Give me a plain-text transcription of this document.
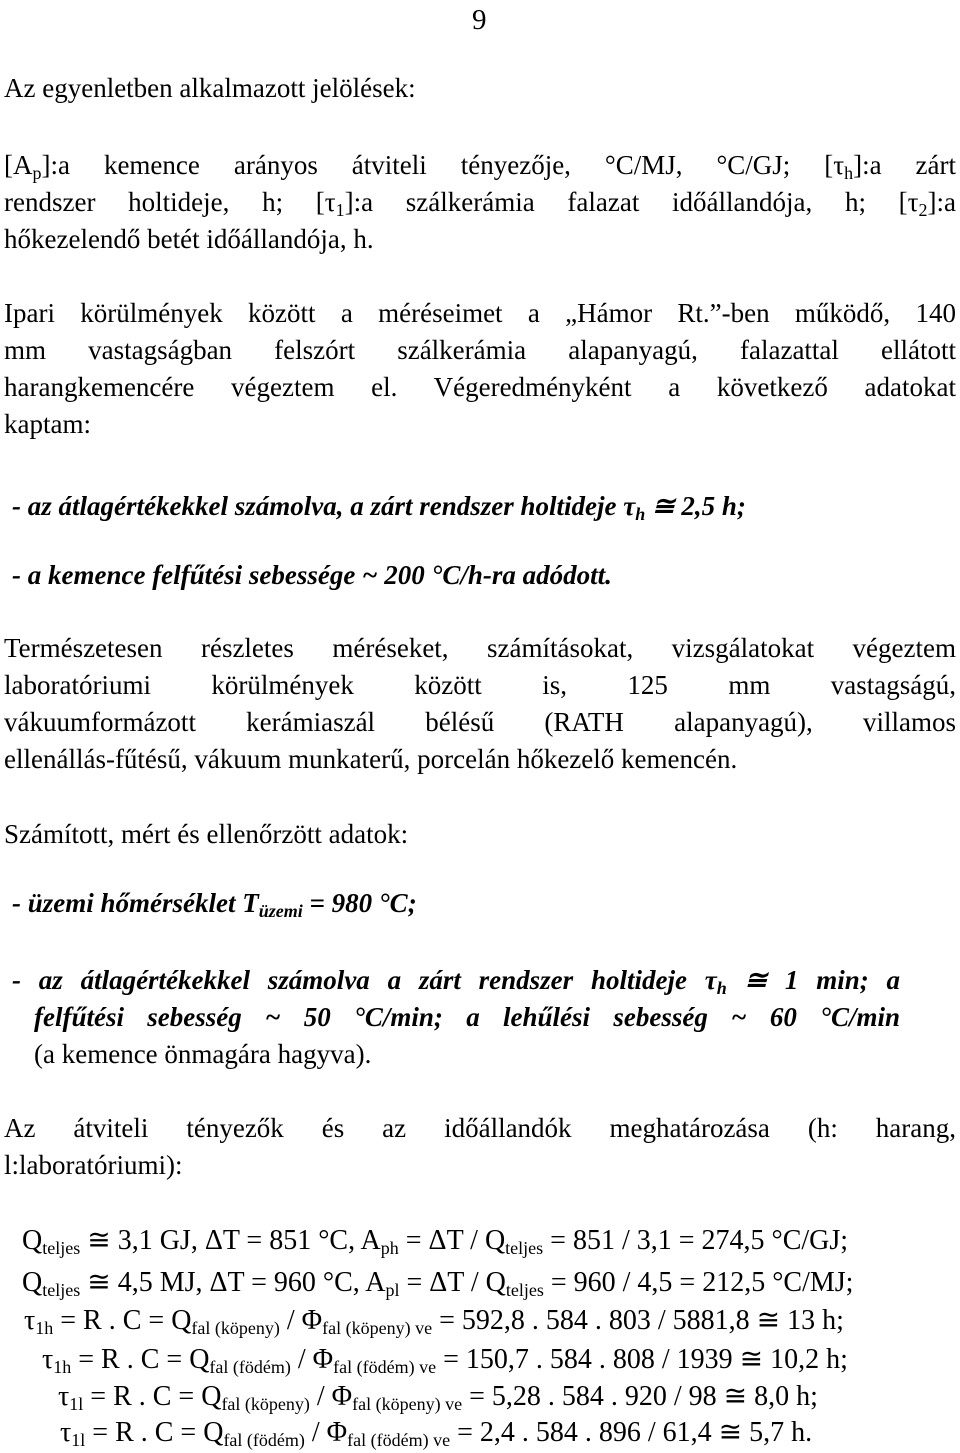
9
Az egyenletben alkalmazott jelölések:
$[A_p]:a$ kemence arányos átviteli tényezője, °C/MJ, °C/GJ; $[\tau_h]:a$ zárt
rendszer holtideje, h; $[\tau_1]:a$ szálkerámia falazat időállandója, h; $[\tau_2]:a$
hőkezelendő betét időállandója, h.
Ipari körülmények között a méréseimet a „Hámor Rt.”-ben működő, 140
mm vastagságban felszórt szálkerámia alapanyagú, falazattal ellátott
harangkemencére végeztem el. Végeredményként a következő adatokat
kaptam:
- az átlagértékekkel számolva, a zárt rendszer holtideje $\tau_h$ ≅ 2,5 h;
- a kemence felfűtési sebessége ~ 200 °C/h-ra adódott.
Természetesen részletes méréseket, számításokat, vizsgálatokat végeztem
laboratóriumi körülmények között is, 125 mm vastagságú,
vákuumformázott kerámiaszál bélésű (RATH alapanyagú), villamos
ellenállás-fűtésű, vákuum munkaterű, porcelán hőkezelő kemencén.
Számított, mért és ellenőrzött adatok:
- üzemi hőmérséklet $T_{üzemi} = 980$ °C;
- az átlagértékekkel számolva a zárt rendszer holtideje $\tau_h$ ≅ 1 min; a
felfűtési sebesség ~ 50 °C/min; a lehűlési sebesség ~ 60 °C/min
(a kemence önmagára hagyva).
Az átviteli tényezők és az időállandók meghatározása (h: harang,
l:laboratóriumi):
$Q_{teljes}$ ≅ 3,1 GJ, ΔT = 851 °C, $A_{ph} = \Delta T / Q_{teljes} = 851 / 3,1 = 274,5$ °C/GJ;
$Q_{teljes}$ ≅ 4,5 MJ, ΔT = 960 °C, $A_{pl} = \Delta T / Q_{teljes} = 960 / 4,5 = 212,5$ °C/MJ;
$\tau_{1h} = R$ . $C = Q_{fal (köpeny)} / \Phi_{fal (köpeny) ve} = 592,8$ . 584 . 803 / 5881,8 ≅ 13 h;
$\tau_{1h} = R$ . $C = Q_{fal (födém)} / \Phi_{fal (födém) ve} = 150,7$ . 584 . 808 / 1939 ≅ 10,2 h;
$\tau_{1l} = R$ . $C = Q_{fal (köpeny)} / \Phi_{fal (köpeny) ve} = 5,28$ . 584 . 920 / 98 ≅ 8,0 h;
$\tau_{1l} = R$ . $C = Q_{fal (födém)} / \Phi_{fal (födém) ve} = 2,4$ . 584 . 896 / 61,4 ≅ 5,7 h.
